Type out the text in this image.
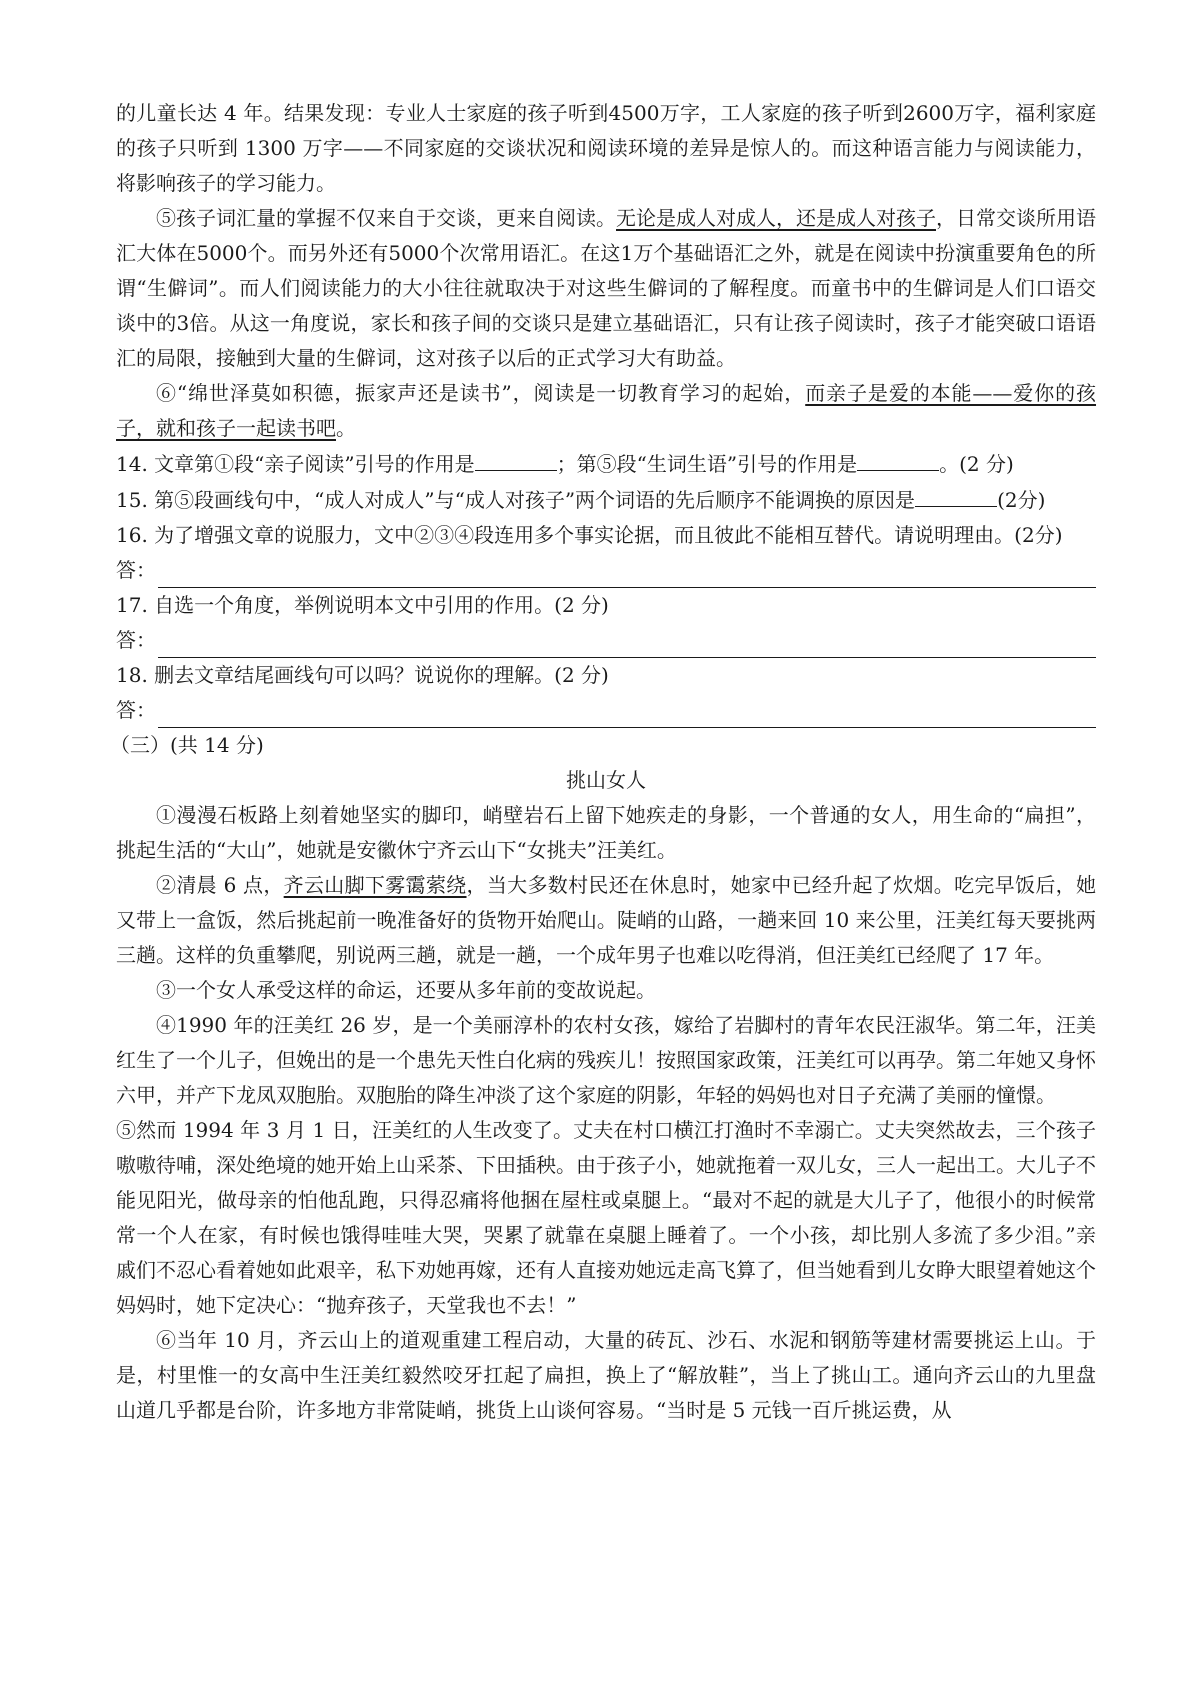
的儿童长达 4 年。结果发现：专业人士家庭的孩子听到4500万字，工人家庭的孩子听到2600万字，福利家庭的孩子只听到 1300 万字——不同家庭的交谈状况和阅读环境的差异是惊人的。而这种语言能力与阅读能力，将影响孩子的学习能力。

⑤孩子词汇量的掌握不仅来自于交谈，更来自阅读。无论是成人对成人，还是成人对孩子，日常交谈所用语汇大体在5000个。而另外还有5000个次常用语汇。在这1万个基础语汇之外，就是在阅读中扮演重要角色的所谓“生僻词”。而人们阅读能力的大小往往就取决于对这些生僻词的了解程度。而童书中的生僻词是人们口语交谈中的3倍。从这一角度说，家长和孩子间的交谈只是建立基础语汇，只有让孩子阅读时，孩子才能突破口语语汇的局限，接触到大量的生僻词，这对孩子以后的正式学习大有助益。

⑥“绵世泽莫如积德，振家声还是读书”，阅读是一切教育学习的起始，而亲子是爱的本能——爱你的孩子，就和孩子一起读书吧。

14. 文章第①段“亲子阅读”引号的作用是	；第⑤段“生词生语”引号的作用是	。(2 分)

15. 第⑤段画线句中，“成人对成人”与“成人对孩子”两个词语的先后顺序不能调换的原因是	(2分)

16. 为了增强文章的说服力，文中②③④段连用多个事实论据，而且彼此不能相互替代。请说明理由。(2分)

答：

17. 自选一个角度，举例说明本文中引用的作用。(2 分)

答：

18. 删去文章结尾画线句可以吗？说说你的理解。(2 分)

答：

（三）(共 14 分)

挑山女人

①漫漫石板路上刻着她坚实的脚印，峭壁岩石上留下她疾走的身影，一个普通的女人，用生命的“扁担”，挑起生活的“大山”，她就是安徽休宁齐云山下“女挑夫”汪美红。

②清晨 6 点，齐云山脚下雾霭萦绕，当大多数村民还在休息时，她家中已经升起了炊烟。吃完早饭后，她又带上一盒饭，然后挑起前一晚准备好的货物开始爬山。陡峭的山路，一趟来回 10 来公里，汪美红每天要挑两三趟。这样的负重攀爬，别说两三趟，就是一趟，一个成年男子也难以吃得消，但汪美红已经爬了 17 年。

③一个女人承受这样的命运，还要从多年前的变故说起。

④1990 年的汪美红 26 岁，是一个美丽淳朴的农村女孩，嫁给了岩脚村的青年农民汪淑华。第二年，汪美红生了一个儿子，但娩出的是一个患先天性白化病的残疾儿！按照国家政策，汪美红可以再孕。第二年她又身怀六甲，并产下龙凤双胞胎。双胞胎的降生冲淡了这个家庭的阴影，年轻的妈妈也对日子充满了美丽的憧憬。

⑤然而 1994 年 3 月 1 日，汪美红的人生改变了。丈夫在村口横江打渔时不幸溺亡。丈夫突然故去，三个孩子嗷嗷待哺，深处绝境的她开始上山采茶、下田插秧。由于孩子小，她就拖着一双儿女，三人一起出工。大儿子不能见阳光，做母亲的怕他乱跑，只得忍痛将他捆在屋柱或桌腿上。“最对不起的就是大儿子了，他很小的时候常常一个人在家，有时候也饿得哇哇大哭，哭累了就靠在桌腿上睡着了。一个小孩，却比别人多流了多少泪。”亲戚们不忍心看着她如此艰辛，私下劝她再嫁，还有人直接劝她远走高飞算了，但当她看到儿女睁大眼望着她这个妈妈时，她下定决心：“抛弃孩子，天堂我也不去！”

⑥当年 10 月，齐云山上的道观重建工程启动，大量的砖瓦、沙石、水泥和钢筋等建材需要挑运上山。于是，村里惟一的女高中生汪美红毅然咬牙扛起了扁担，换上了“解放鞋”，当上了挑山工。通向齐云山的九里盘山道几乎都是台阶，许多地方非常陡峭，挑货上山谈何容易。“当时是 5 元钱一百斤挑运费，从
